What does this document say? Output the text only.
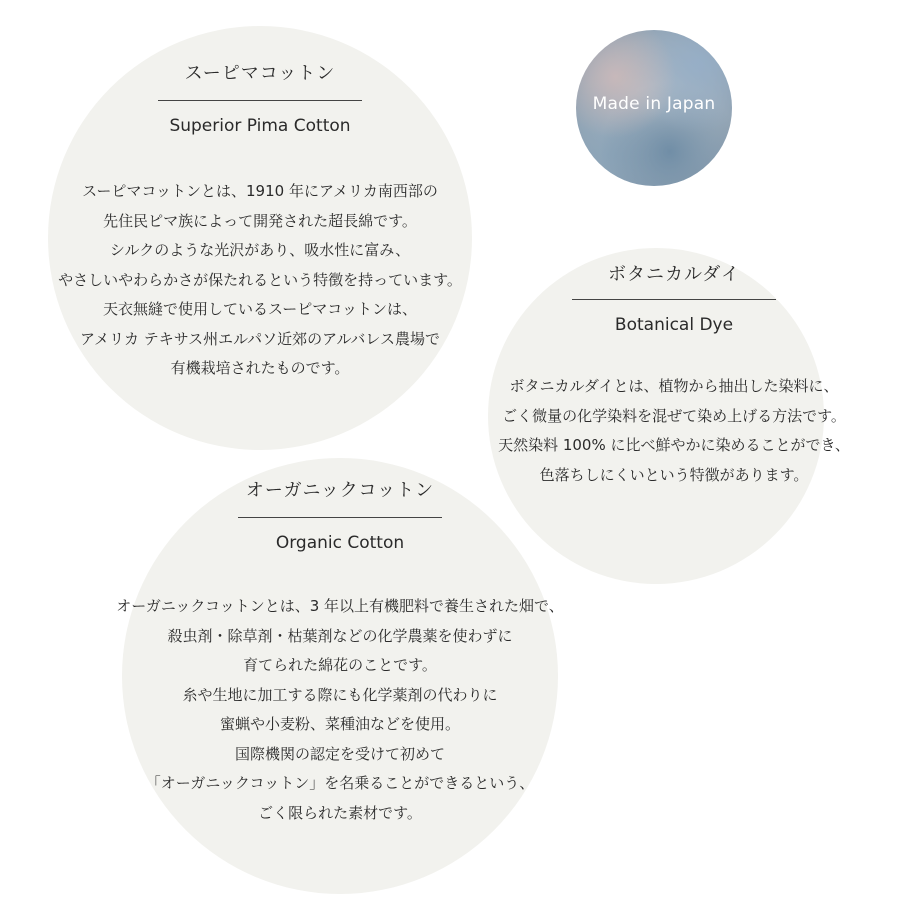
Made in Japan
スーピマコットン
Superior Pima Cotton
スーピマコットンとは、1910 年にアメリカ南西部の
先住民ピマ族によって開発された超長綿です。
シルクのような光沢があり、吸水性に富み、
やさしいやわらかさが保たれるという特徴を持っています。
天衣無縫で使用しているスーピマコットンは、
アメリカ テキサス州エルパソ近郊のアルバレス農場で
有機栽培されたものです。
ボタニカルダイ
Botanical Dye
ボタニカルダイとは、植物から抽出した染料に、
ごく微量の化学染料を混ぜて染め上げる方法です。
天然染料 100% に比べ鮮やかに染めることができ、
色落ちしにくいという特徴があります。
オーガニックコットン
Organic Cotton
オーガニックコットンとは、3 年以上有機肥料で養生された畑で、
殺虫剤・除草剤・枯葉剤などの化学農薬を使わずに
育てられた綿花のことです。
糸や生地に加工する際にも化学薬剤の代わりに
蜜蝋や小麦粉、菜種油などを使用。
国際機関の認定を受けて初めて
「オーガニックコットン」を名乗ることができるという、
ごく限られた素材です。
